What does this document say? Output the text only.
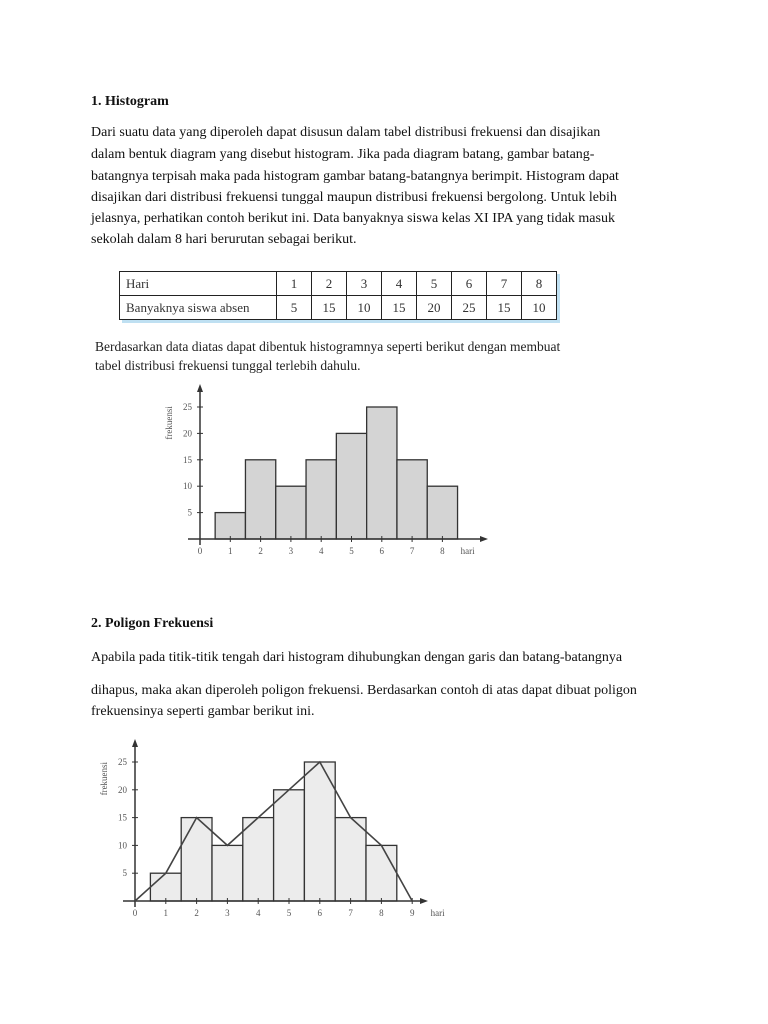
1. Histogram
Dari suatu data yang diperoleh dapat disusun dalam tabel distribusi frekuensi dan disajikan
dalam bentuk diagram yang disebut histogram. Jika pada diagram batang, gambar batang-
batangnya terpisah maka pada histogram gambar batang-batangnya berimpit. Histogram dapat
disajikan dari distribusi frekuensi tunggal maupun distribusi frekuensi bergolong. Untuk lebih
jelasnya, perhatikan contoh berikut ini. Data banyaknya siswa kelas XI IPA yang tidak masuk
sekolah dalam 8 hari berurutan sebagai berikut.
Hari	1	2	3	4	5	6	7	8
Banyaknya siswa absen	5	15	10	15	20	25	15	10
Berdasarkan data diatas dapat dibentuk histogramnya seperti berikut dengan membuat
tabel distribusi frekuensi tunggal terlebih dahulu.
0	1	2	3	4	5	6	7	8 hari
5
10
15
20
25
frekuensi
2. Poligon Frekuensi
Apabila pada titik-titik tengah dari histogram dihubungkan dengan garis dan batang-batangnya
dihapus, maka akan diperoleh poligon frekuensi. Berdasarkan contoh di atas dapat dibuat poligon
frekuensinya seperti gambar berikut ini.
0	1	2	3	4	5	6	7	8	9 hari
5
10
15
20
25
frekuensi
